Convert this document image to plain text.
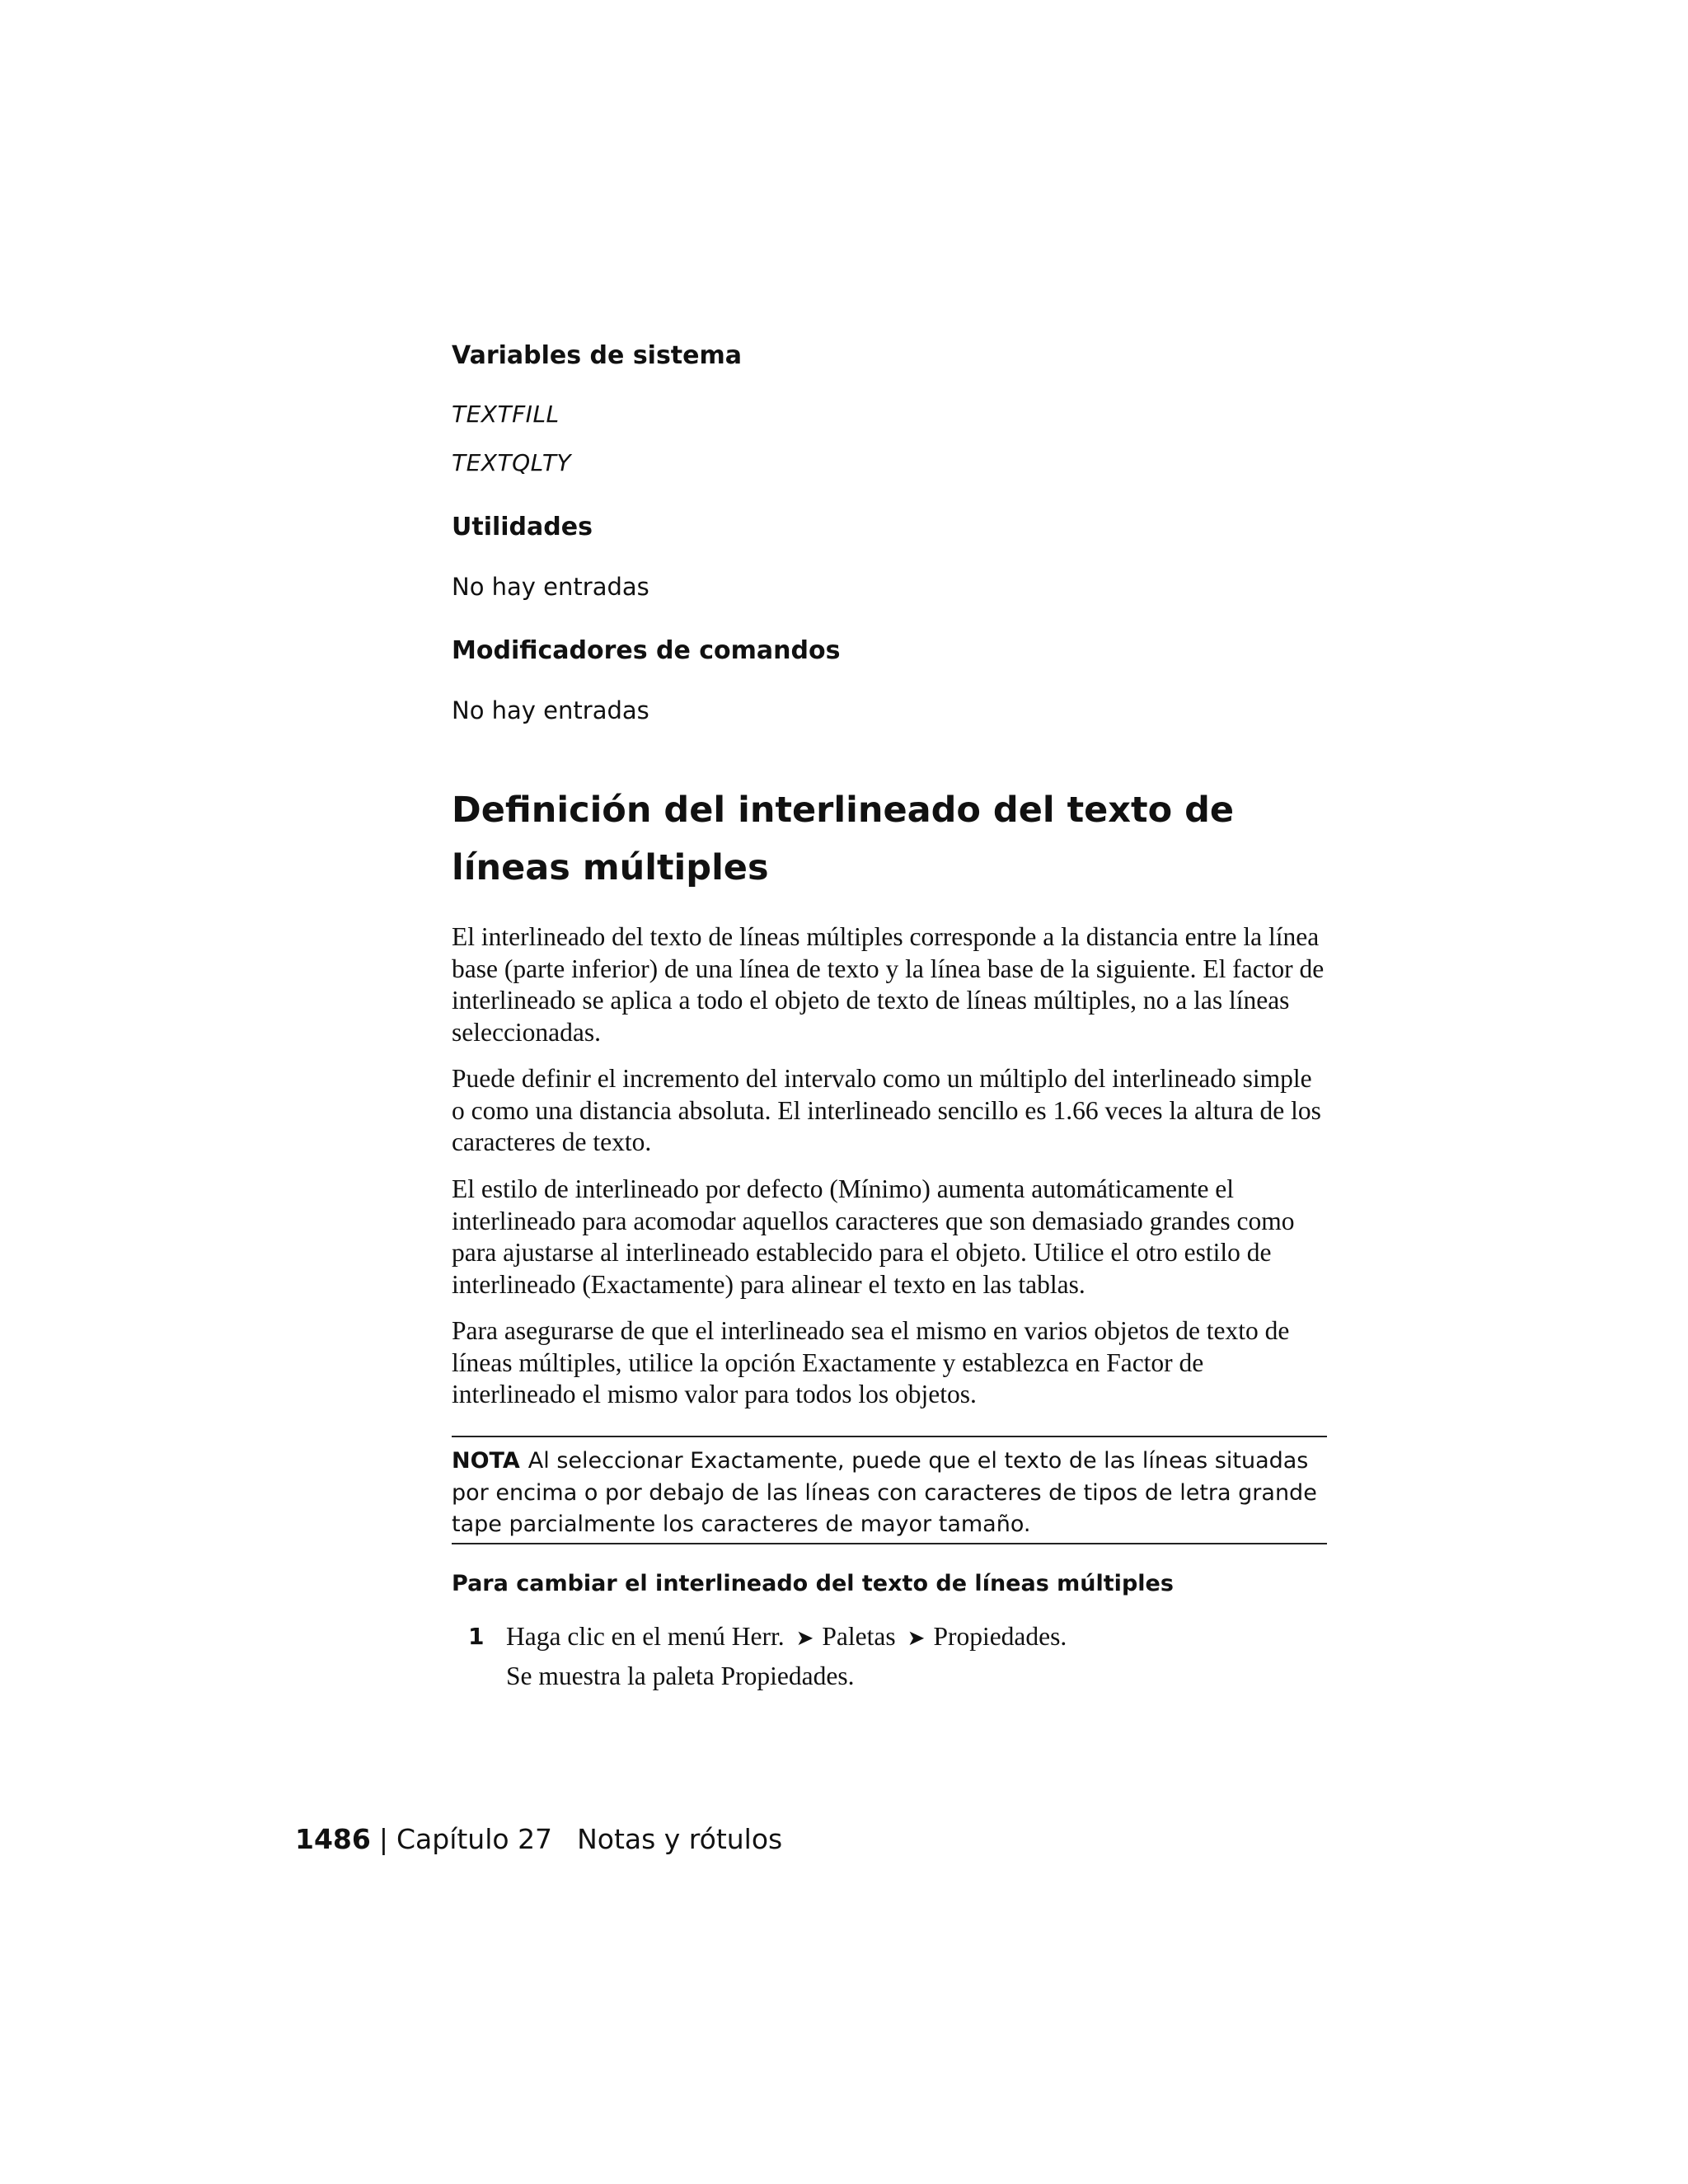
Variables de sistema
TEXTFILL
TEXTQLTY
Utilidades
No hay entradas
Modificadores de comandos
No hay entradas
Definición del interlineado del texto de líneas múltiples

El interlineado del texto de líneas múltiples corresponde a la distancia entre la línea base (parte inferior) de una línea de texto y la línea base de la siguiente. El factor de interlineado se aplica a todo el objeto de texto de líneas múltiples, no a las líneas seleccionadas.

Puede definir el incremento del intervalo como un múltiplo del interlineado simple o como una distancia absoluta. El interlineado sencillo es 1.66 veces la altura de los caracteres de texto.

El estilo de interlineado por defecto (Mínimo) aumenta automáticamente el interlineado para acomodar aquellos caracteres que son demasiado grandes como para ajustarse al interlineado establecido para el objeto. Utilice el otro estilo de interlineado (Exactamente) para alinear el texto en las tablas.

Para asegurarse de que el interlineado sea el mismo en varios objetos de texto de líneas múltiples, utilice la opción Exactamente y establezca en Factor de interlineado el mismo valor para todos los objetos.

NOTA Al seleccionar Exactamente, puede que el texto de las líneas situadas por encima o por debajo de las líneas con caracteres de tipos de letra grande tape parcialmente los caracteres de mayor tamaño.

Para cambiar el interlineado del texto de líneas múltiples
1 Haga clic en el menú Herr. ➤ Paletas ➤ Propiedades.
Se muestra la paleta Propiedades.
1486 | Capítulo 27 Notas y rótulos
